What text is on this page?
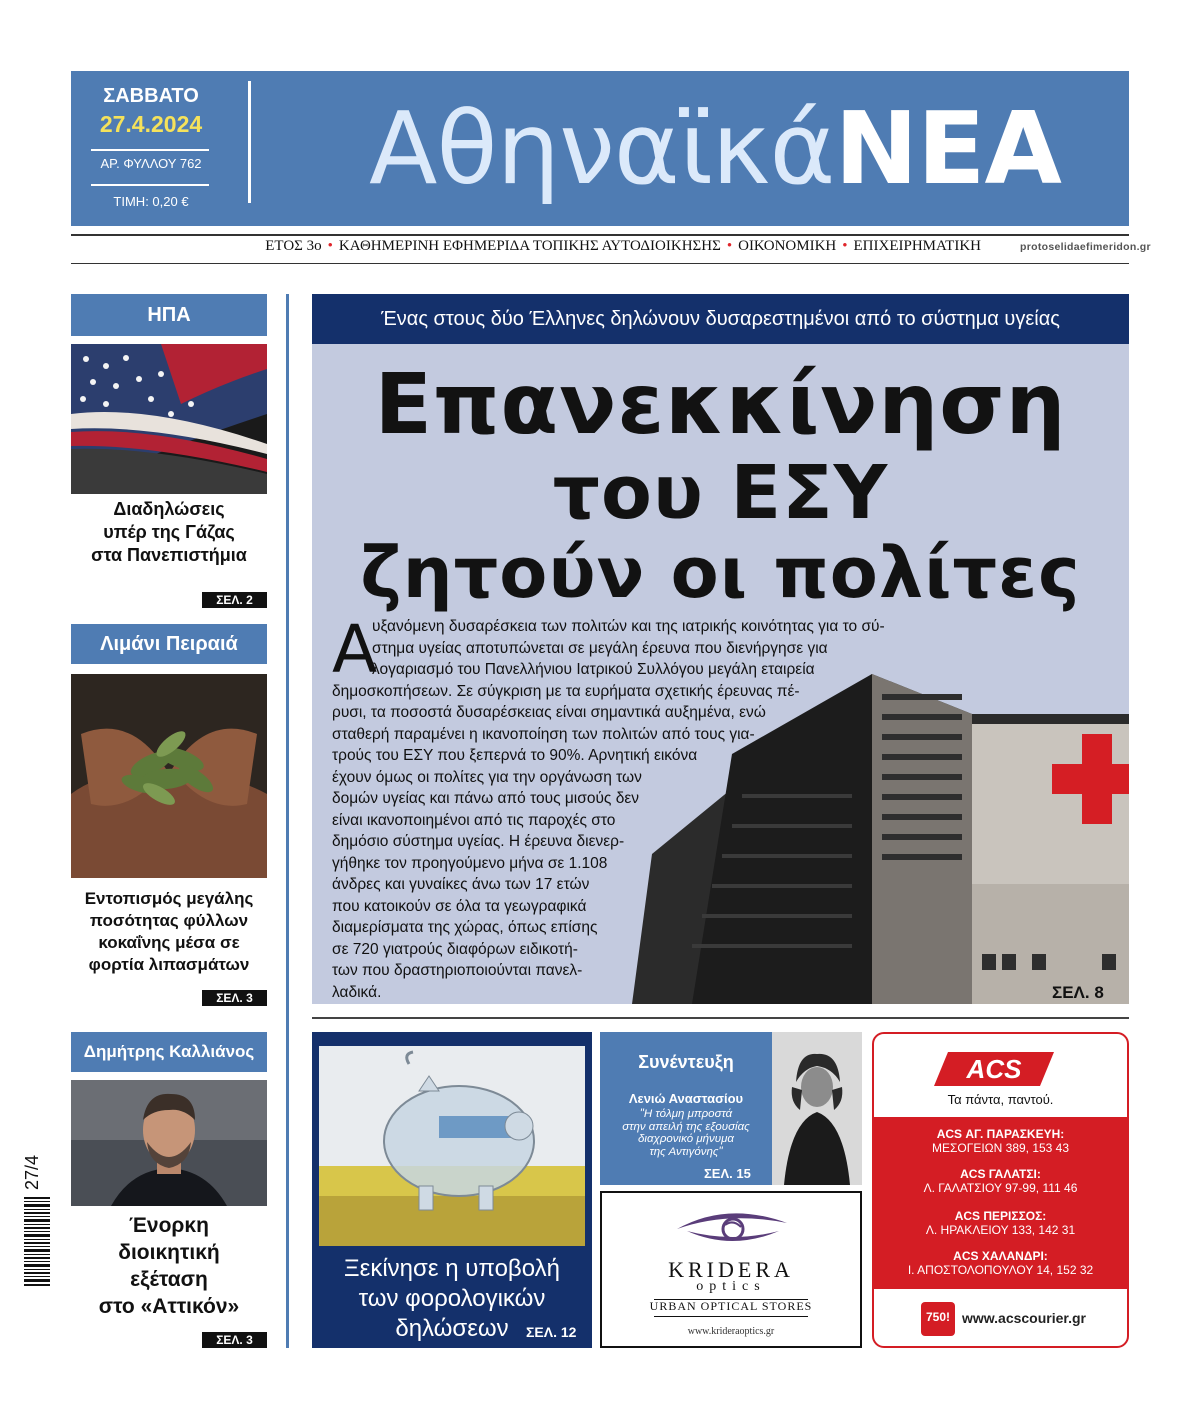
ΣΑΒΒΑΤΟ
27.4.2024
ΑΡ. ΦΥΛΛΟΥ 762
ΤΙΜΗ: 0,20 €	ΑθηναϊκάΝΕΑ
ΕΤΟΣ 3ο • ΚΑΘΗΜΕΡΙΝΗ ΕΦΗΜΕΡΙΔΑ ΤΟΠΙΚΗΣ ΑΥΤΟΔΙΟΙΚΗΣΗΣ • ΟΙΚΟΝΟΜΙΚΗ • ΕΠΙΧΕΙΡΗΜΑΤΙΚΗ	protoselidaefimeridon.gr
ΗΠΑ
Διαδηλώσεις
υπέρ της Γάζας
στα Πανεπιστήμια
ΣΕΛ. 2
Λιμάνι Πειραιά
Εντοπισμός μεγάλης
ποσότητας φύλλων
κοκαΐνης μέσα σε
φορτία λιπασμάτων
ΣΕΛ. 3
Δημήτρης Καλλιάνος
Ένορκη
διοικητική
εξέταση
στο «Αττικόν»
ΣΕΛ. 3
27/4
Ένας στους δύο Έλληνες δηλώνουν δυσαρεστημένοι από το σύστημα υγείας
Επανεκκίνηση
του ΕΣΥ
ζητούν οι πολίτες
Α
υξανόμενη δυσαρέσκεια των πολιτών και της ιατρικής κοινότητας για το σύ-
στημα υγείας αποτυπώνεται σε μεγάλη έρευνα που διενήργησε για
λογαριασμό του Πανελλήνιου Ιατρικού Συλλόγου μεγάλη εταιρεία
δημοσκοπήσεων. Σε σύγκριση με τα ευρήματα σχετικής έρευνας πέ-
ρυσι, τα ποσοστά δυσαρέσκειας είναι σημαντικά αυξημένα, ενώ
σταθερή παραμένει η ικανοποίηση των πολιτών από τους για-
τρούς του ΕΣΥ που ξεπερνά το 90%. Αρνητική εικόνα
έχουν όμως οι πολίτες για την οργάνωση των
δομών υγείας και πάνω από τους μισούς δεν
είναι ικανοποιημένοι από τις παροχές στο
δημόσιο σύστημα υγείας. Η έρευνα διενερ-
γήθηκε τον προηγούμενο μήνα σε 1.108
άνδρες και γυναίκες άνω των 17 ετών
που κατοικούν σε όλα τα γεωγραφικά
διαμερίσματα της χώρας, όπως επίσης
σε 720 γιατρούς διαφόρων ειδικοτή-
των που δραστηριοποιούνται πανελ-
λαδικά.	ΣΕΛ. 8
Ξεκίνησε η υποβολή
των φορολογικών
δηλώσεων	ΣΕΛ. 12
Συνέντευξη
Λενιώ Αναστασίου
"Η τόλμη μπροστά
στην απειλή της εξουσίας
διαχρονικό μήνυμα
της Αντιγόνης"
ΣΕΛ. 15
KRIDERA
optics
URBAN OPTICAL STORES
www.kriderаoptics.gr
ACS
Τα πάντα, παντού.
ACS ΑΓ. ΠΑΡΑΣΚΕΥΗ:
ΜΕΣΟΓΕΙΩΝ 389, 153 43
ACS ΓΑΛΑΤΣΙ:
Λ. ΓΑΛΑΤΣΙΟΥ 97-99, 111 46
ACS ΠΕΡΙΣΣΟΣ:
Λ. ΗΡΑΚΛΕΙΟΥ 133, 142 31
ACS ΧΑΛΑΝΔΡΙ:
Ι. ΑΠΟΣΤΟΛΟΠΟΥΛΟΥ 14, 152 32
750! www.acscourier.gr
